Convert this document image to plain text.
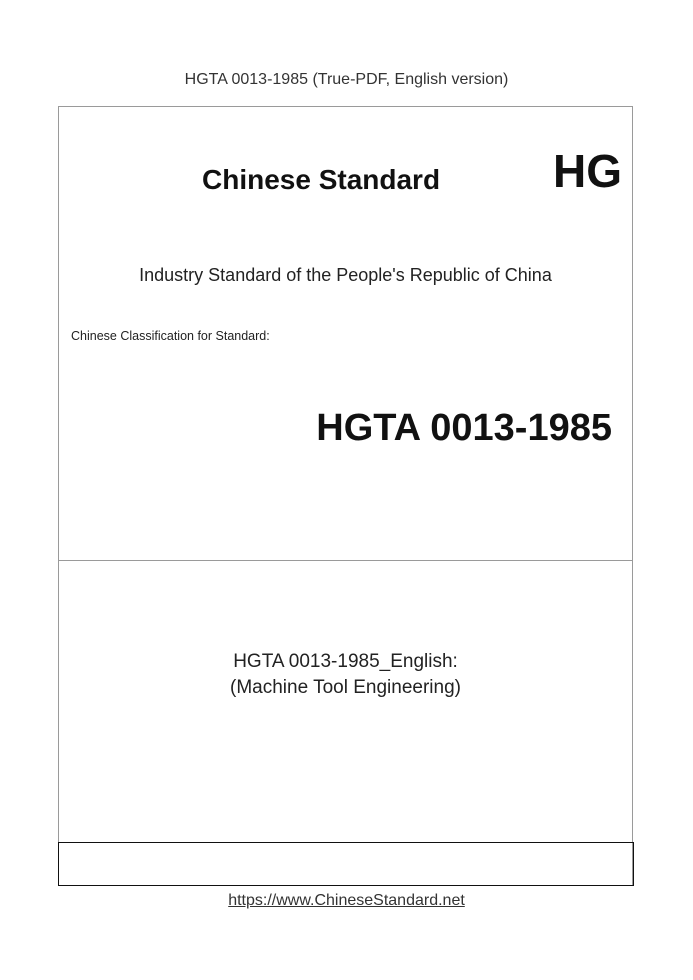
HGTA 0013-1985 (True-PDF, English version)
Chinese Standard HG
Industry Standard of the People's Republic of China
Chinese Classification for Standard:
HGTA 0013-1985
HGTA 0013-1985_English:
(Machine Tool Engineering)
https://www.ChineseStandard.net
